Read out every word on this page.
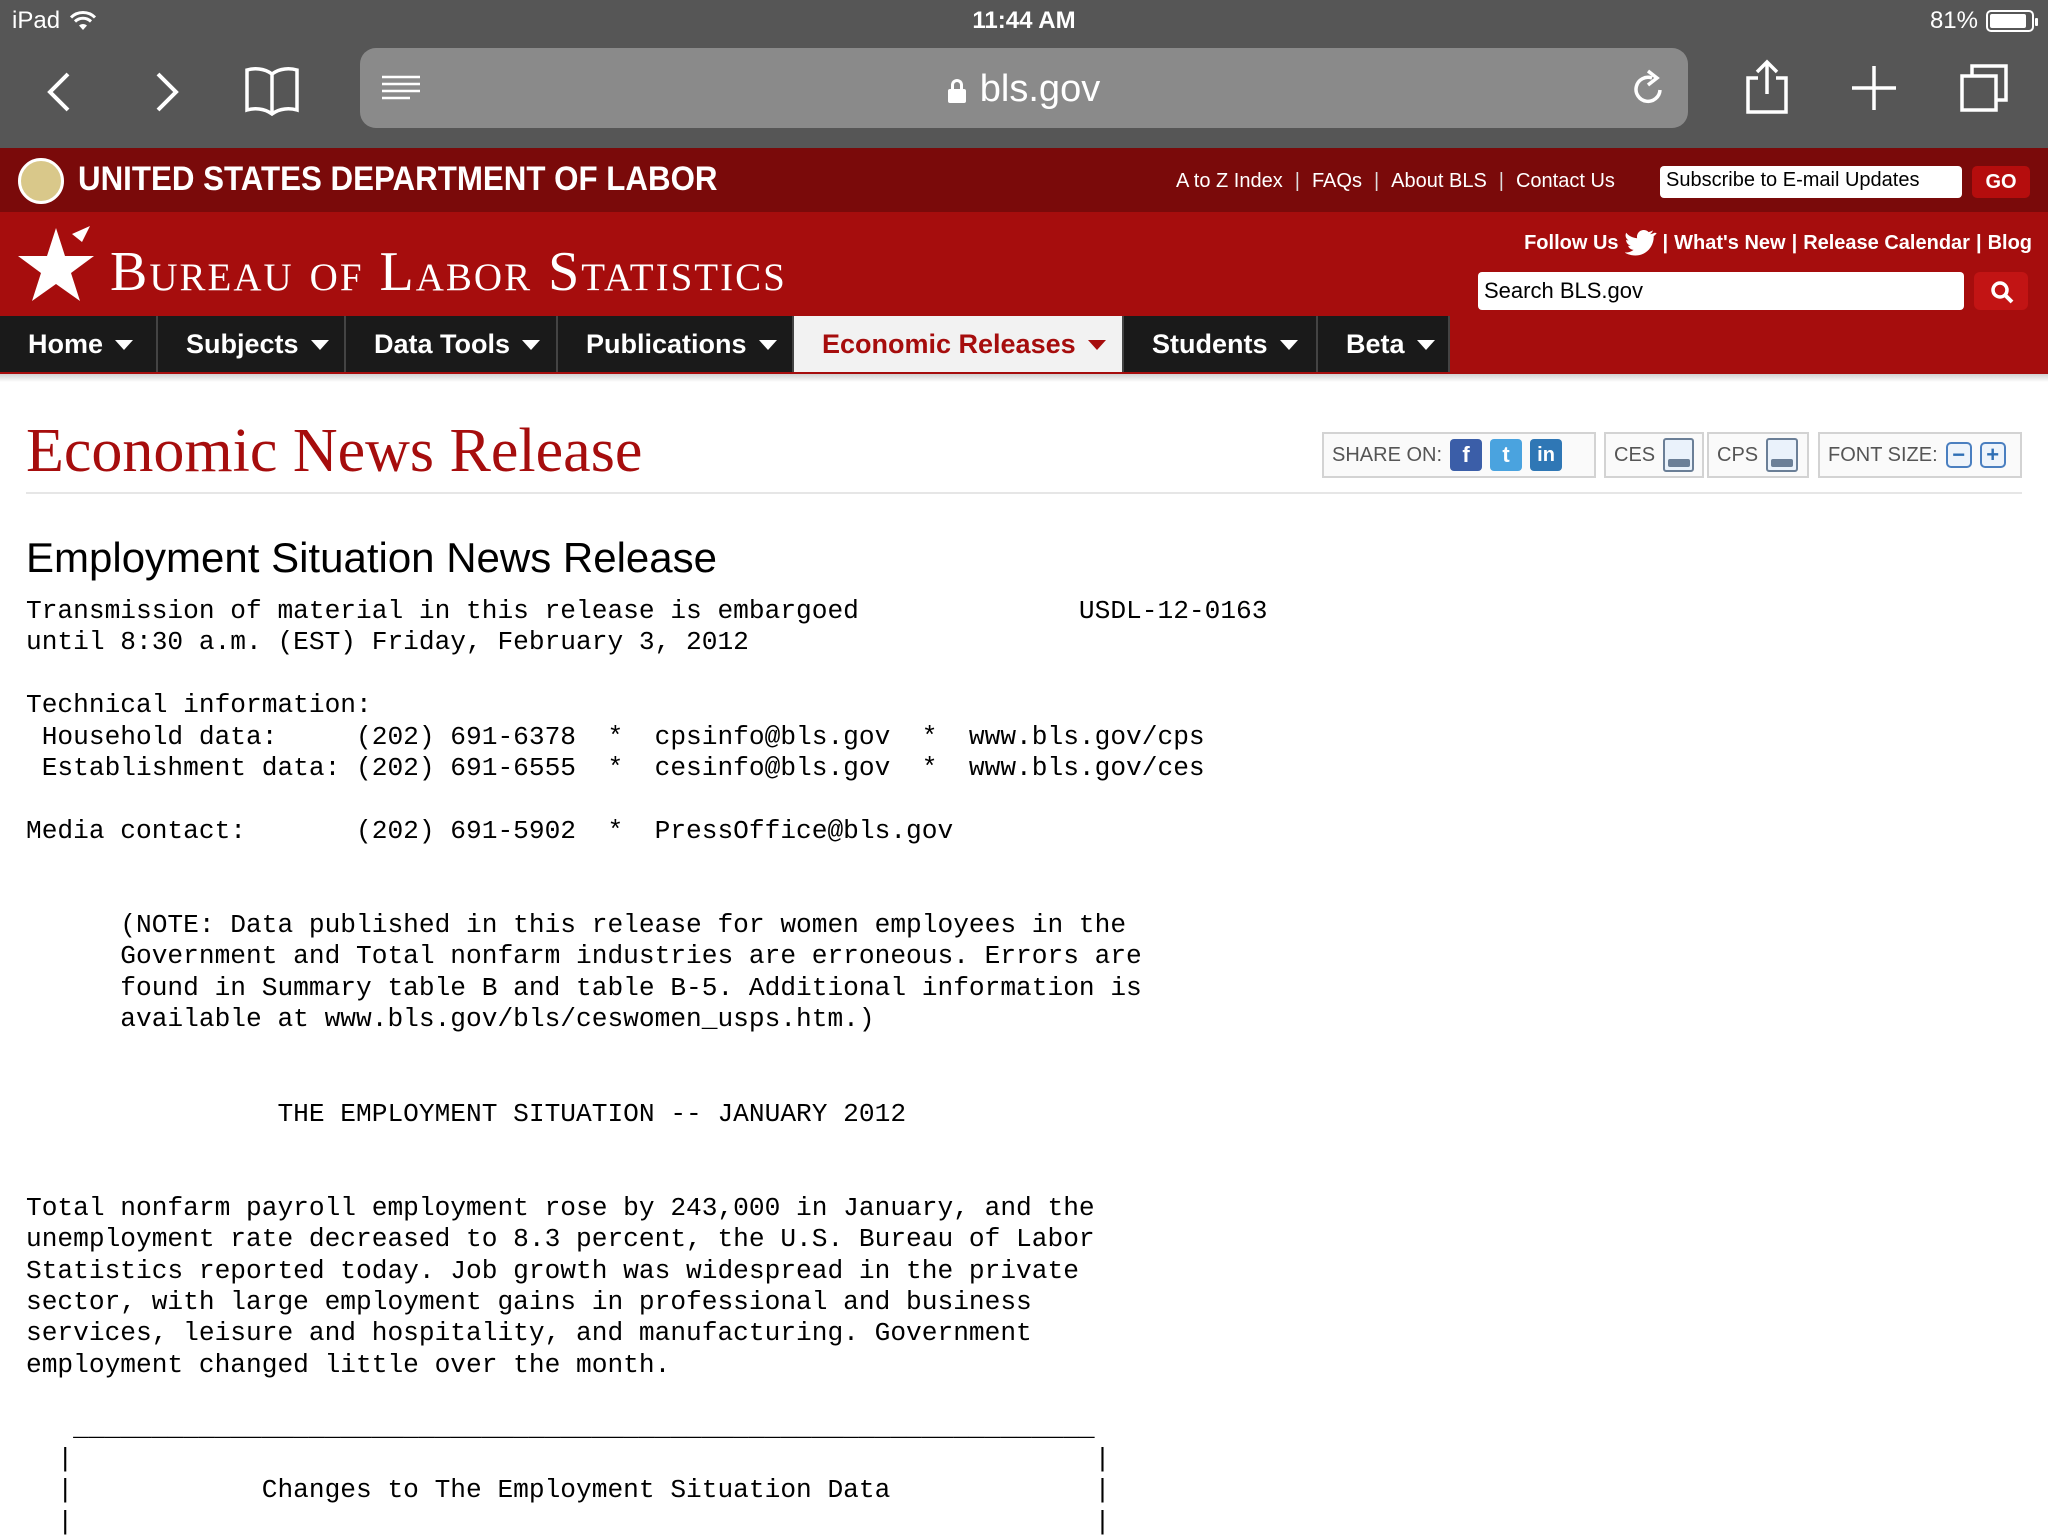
iPad	11:44 AM	81%
bls.gov
UNITED STATES DEPARTMENT OF LABOR	A to Z Index | FAQs | About BLS | Contact Us	Subscribe to E-mail Updates	GO
Bureau of Labor Statistics	Follow Us | What's New | Release Calendar | Blog
Search BLS.gov
Home	Subjects	Data Tools	Publications	Economic Releases	Students	Beta
Economic News Release	SHARE ON: f	t	in	CES	CPS	FONT SIZE: − +
Employment Situation News Release
Transmission of material in this release is embargoed              USDL-12-0163
until 8:30 a.m. (EST) Friday, February 3, 2012

Technical information:
Household data:     (202) 691-6378  *  cpsinfo@bls.gov  *  www.bls.gov/cps
Establishment data: (202) 691-6555  *  cesinfo@bls.gov  *  www.bls.gov/ces

Media contact:       (202) 691-5902  *  PressOffice@bls.gov

(NOTE: Data published in this release for women employees in the
Government and Total nonfarm industries are erroneous. Errors are
found in Summary table B and table B-5. Additional information is
available at www.bls.gov/bls/ceswomen_usps.htm.)

THE EMPLOYMENT SITUATION -- JANUARY 2012

Total nonfarm payroll employment rose by 243,000 in January, and the
unemployment rate decreased to 8.3 percent, the U.S. Bureau of Labor
Statistics reported today. Job growth was widespread in the private
sector, with large employment gains in professional and business
services, leisure and hospitality, and manufacturing. Government
employment changed little over the month.

_________________________________________________________________
|                                                                 |
|            Changes to The Employment Situation Data             |
|                                                                 |
